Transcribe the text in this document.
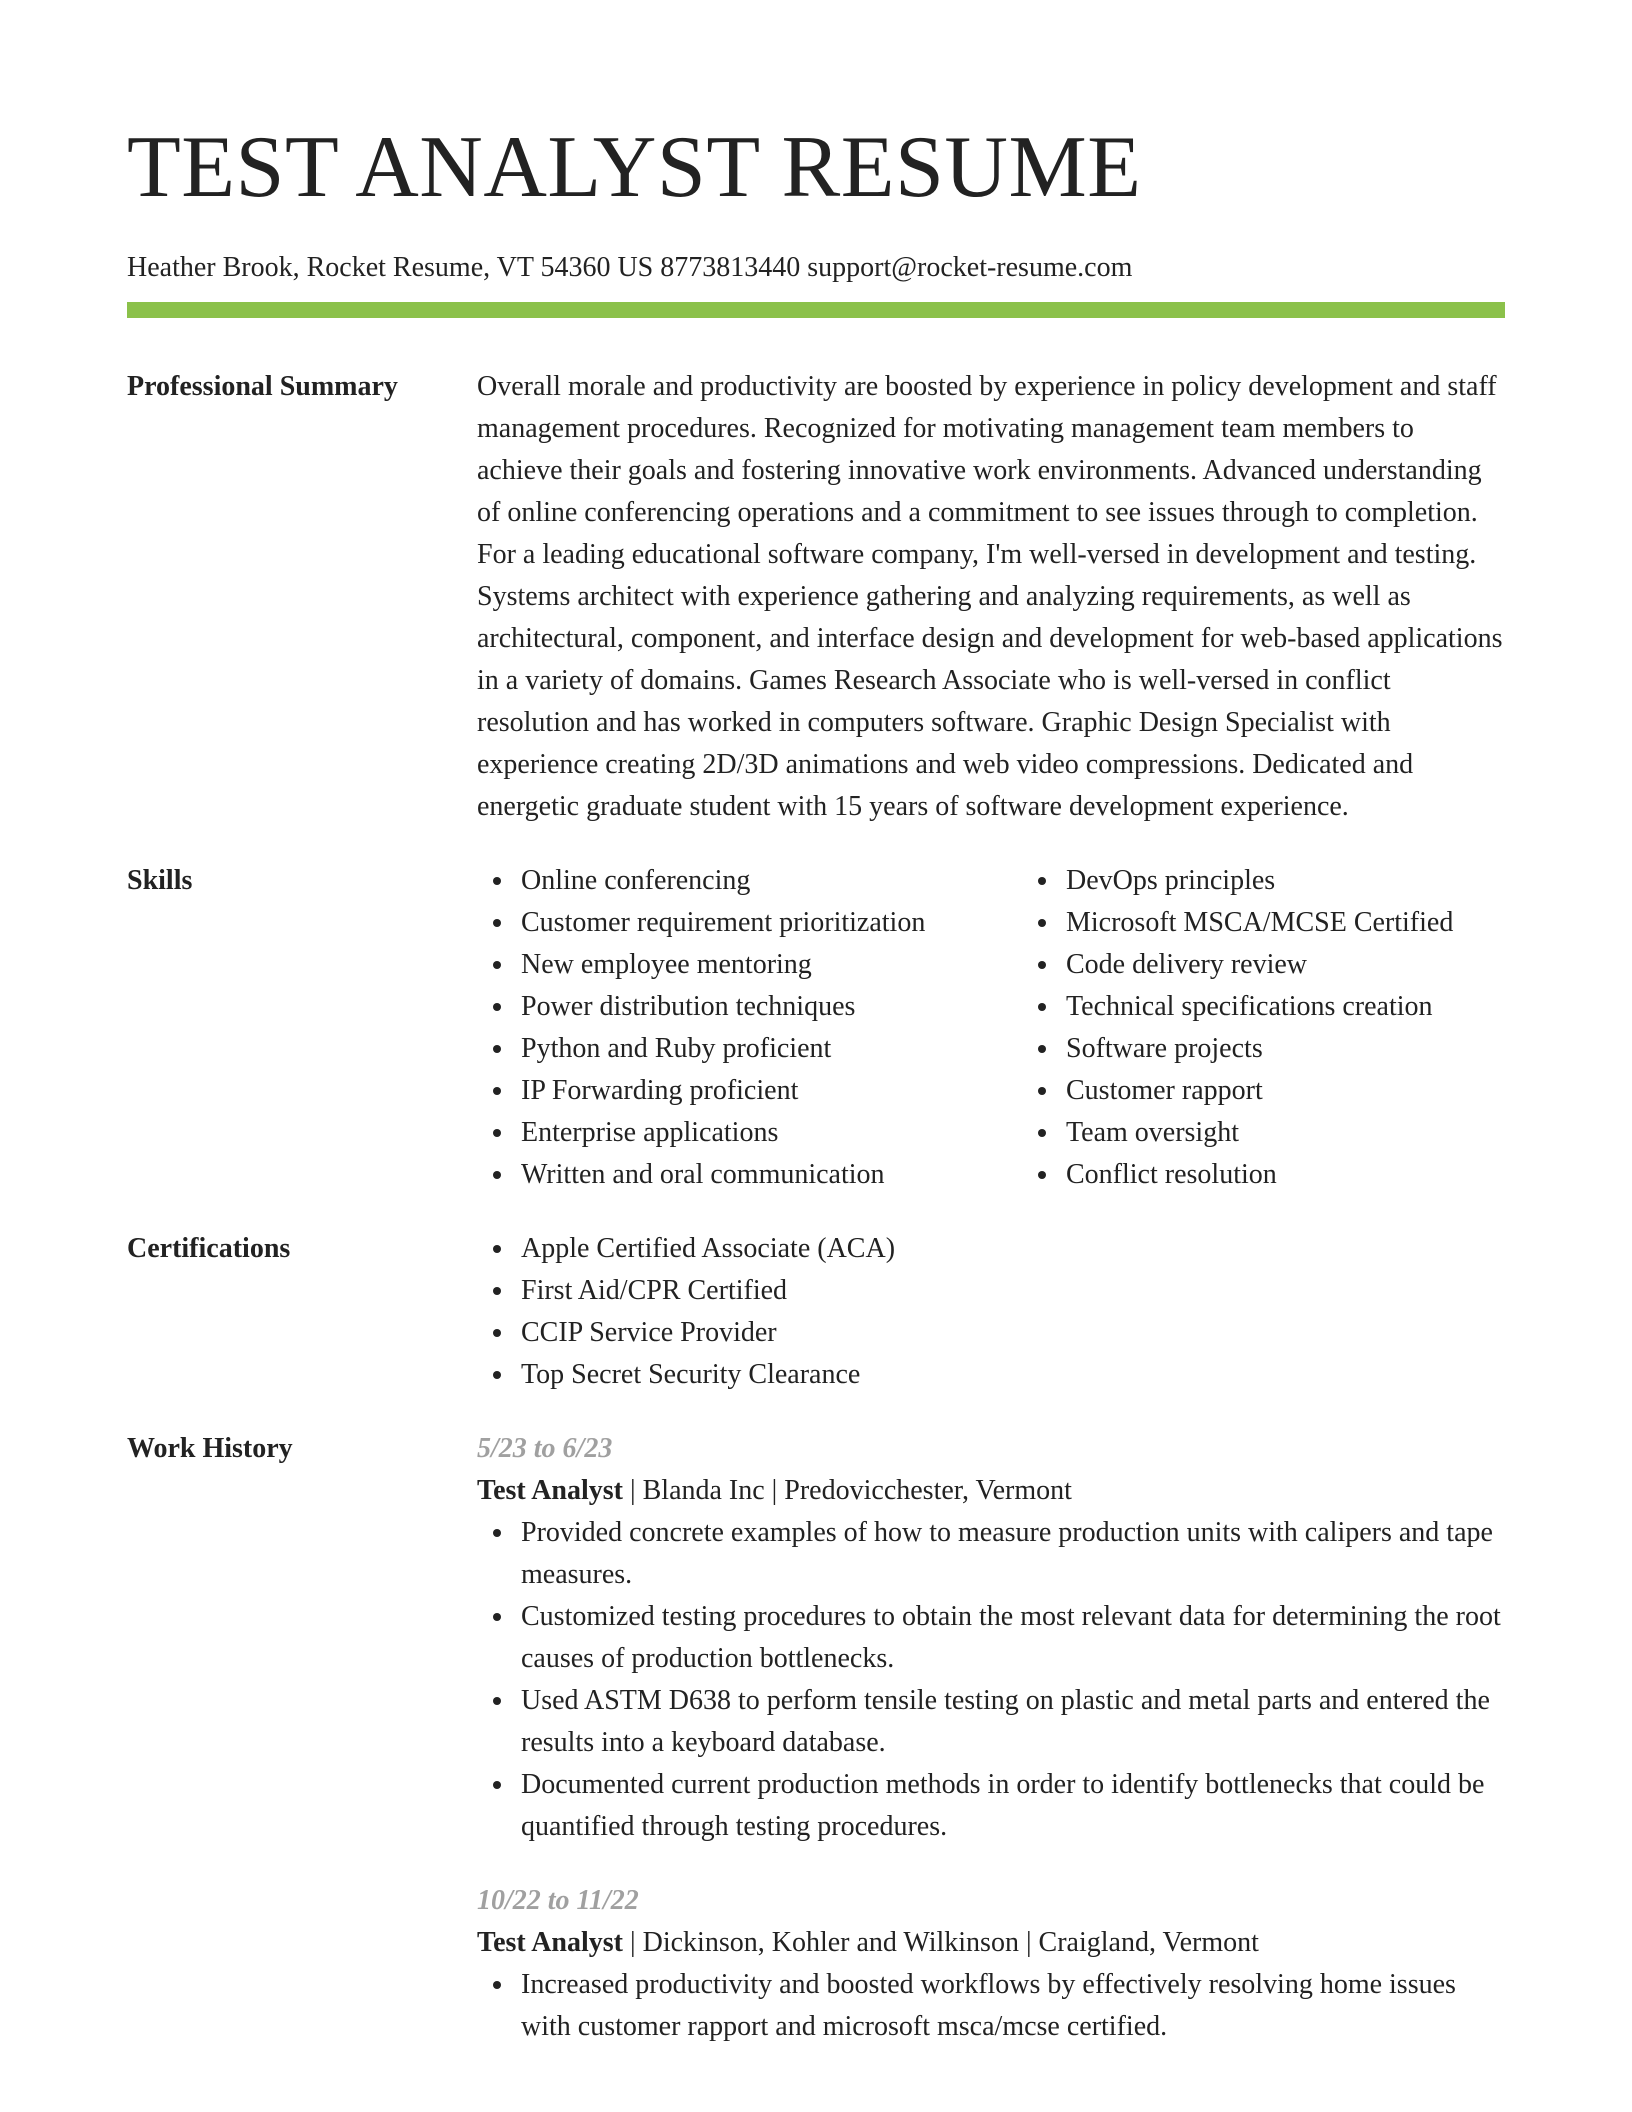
TEST ANALYST RESUME
Heather Brook, Rocket Resume, VT 54360 US 8773813440 support@rocket-resume.com
Professional Summary	Overall morale and productivity are boosted by experience in policy development and staff management procedures. Recognized for motivating management team members to achieve their goals and fostering innovative work environments. Advanced understanding of online conferencing operations and a commitment to see issues through to completion. For a leading educational software company, I'm well-versed in development and testing. Systems architect with experience gathering and analyzing requirements, as well as architectural, component, and interface design and development for web-based applications in a variety of domains. Games Research Associate who is well-versed in conflict resolution and has worked in computers software. Graphic Design Specialist with experience creating 2D/3D animations and web video compressions. Dedicated and energetic graduate student with 15 years of software development experience.

Skills	Online conferencing
Customer requirement prioritization
New employee mentoring
Power distribution techniques
Python and Ruby proficient
IP Forwarding proficient
Enterprise applications
Written and oral communication
DevOps principles
Microsoft MSCA/MCSE Certified
Code delivery review
Technical specifications creation
Software projects
Customer rapport
Team oversight
Conflict resolution
Certifications	Apple Certified Associate (ACA)
First Aid/CPR Certified
CCIP Service Provider
Top Secret Security Clearance
Work History	5/23 to 6/23
Test Analyst | Blanda Inc | Predovicchester, Vermont
Provided concrete examples of how to measure production units with calipers and tape measures.
Customized testing procedures to obtain the most relevant data for determining the root causes of production bottlenecks.
Used ASTM D638 to perform tensile testing on plastic and metal parts and entered the results into a keyboard database.
Documented current production methods in order to identify bottlenecks that could be quantified through testing procedures.
10/22 to 11/22
Test Analyst | Dickinson, Kohler and Wilkinson | Craigland, Vermont
Increased productivity and boosted workflows by effectively resolving home issues with customer rapport and microsoft msca/mcse certified.
